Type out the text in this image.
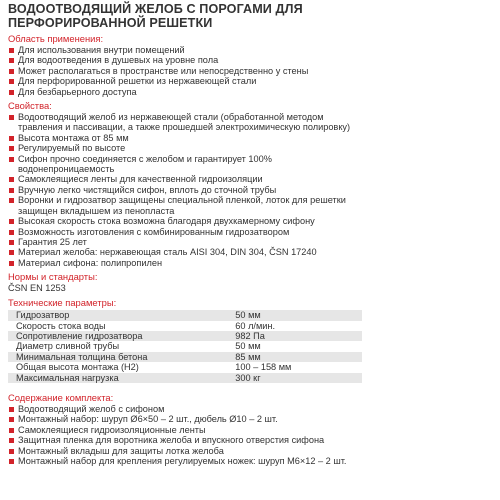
ВОДООТВОДЯЩИЙ ЖЕЛОБ С ПОРОГАМИ ДЛЯ
ПЕРФОРИРОВАННОЙ РЕШЕТКИ
Область применения:
Для использования внутри помещений
Для водоотведения в душевых на уровне пола
Может располагаться в пространстве или непосредственно у стены
Для перфорированной решетки из нержавеющей стали
Для безбарьерного доступа
Свойства:
Водоотводящий желоб из нержавеющей стали (обработанной методом
травления и пассивации, а также прошедшей электрохимическую полировку)
Высота монтажа от 85 мм
Регулируемый по высоте
Сифон прочно соединяется с желобом и гарантирует 100%
водонепроницаемость
Самоклеящиеся ленты для качественной гидроизоляции
Вручную легко чистящийся сифон, вплоть до сточной трубы
Воронки и гидрозатвор защищены специальной пленкой, лоток для решетки
защищен вкладышем из пенопласта
Высокая скорость стока возможна благодаря двухкамерному сифону
Возможность изготовления с комбинированным гидрозатвором
Гарантия 25 лет
Материал желоба: нержавеющая сталь AISI 304, DIN 304, ČSN 17240
Материал сифона: полипропилен
Нормы и стандарты:
ČSN EN 1253
Технические параметры:
Гидрозатвор	50 мм
Скорость стока воды	60 л/мин.
Сопротивление гидрозатвора	982 Па
Диаметр сливной трубы	50 мм
Минимальная толщина бетона	85 мм
Общая высота монтажа (H2)	100 – 158 мм
Максимальная нагрузка	300 кг
Содержание комплекта:
Водоотводящий желоб с сифоном
Монтажный набор: шуруп Ø6×50 – 2 шт., дюбель Ø10 – 2 шт.
Самоклеящиеся гидроизоляционные ленты
Защитная пленка для воротника желоба и впускного отверстия сифона
Монтажный вкладыш для защиты лотка желоба
Монтажный набор для крепления регулируемых ножек: шуруп М6×12 – 2 шт.
